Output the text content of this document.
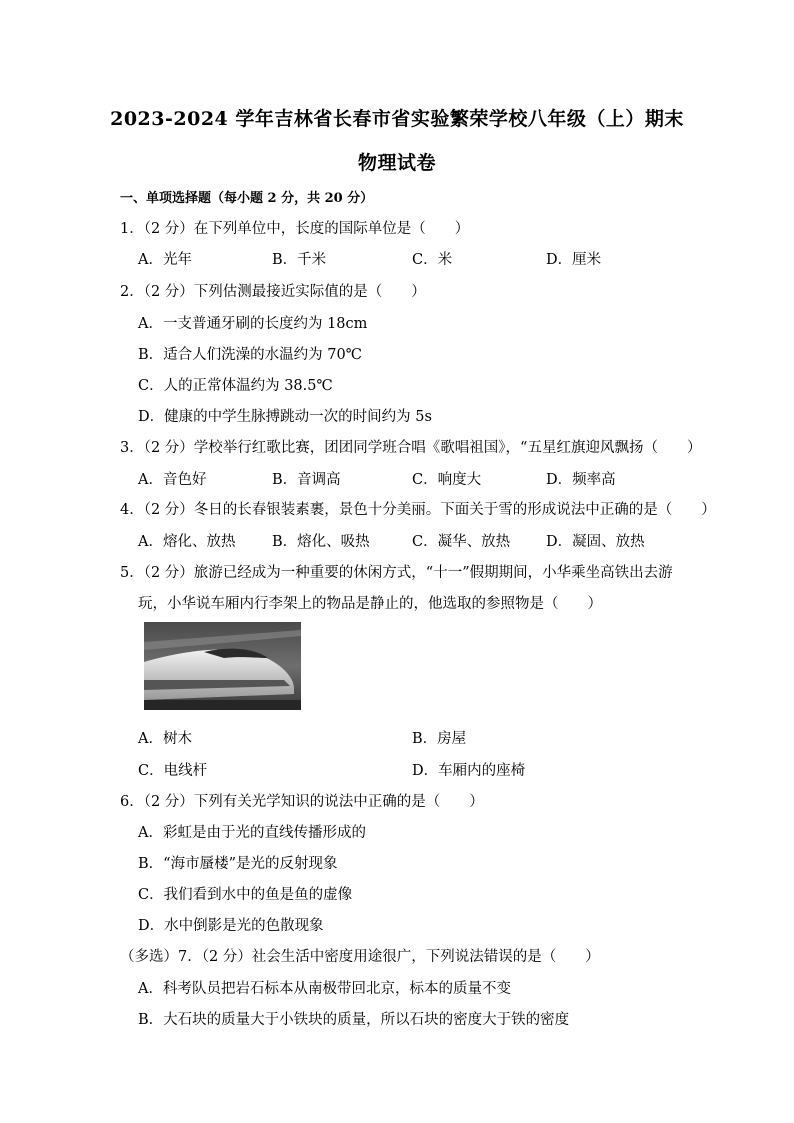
2023-2024 学年吉林省长春市省实验繁荣学校八年级（上）期末
物理试卷
一、单项选择题（每小题 2 分，共 20 分）
1．（2 分）在下列单位中，长度的国际单位是（　　）
A．光年	B．千米	C．米	D．厘米
2．（2 分）下列估测最接近实际值的是（　　）
A．一支普通牙刷的长度约为 18cm
B．适合人们洗澡的水温约为 70℃
C．人的正常体温约为 38.5℃
D．健康的中学生脉搏跳动一次的时间约为 5s
3．（2 分）学校举行红歌比赛，团团同学班合唱《歌唱祖国》，“五星红旗迎风飘扬（　　）
A．音色好	B．音调高	C．响度大	D．频率高
4．（2 分）冬日的长春银装素裹，景色十分美丽。下面关于雪的形成说法中正确的是（　　）
A．熔化、放热	B．熔化、吸热	C．凝华、放热 D．凝固、放热
5．（2 分）旅游已经成为一种重要的休闲方式，“十一”假期期间，小华乘坐高铁出去游
玩，小华说车厢内行李架上的物品是静止的，他选取的参照物是（　　）
A．树木	B．房屋
C．电线杆	D．车厢内的座椅
6．（2 分）下列有关光学知识的说法中正确的是（　　）
A．彩虹是由于光的直线传播形成的
B．“海市蜃楼”是光的反射现象
C．我们看到水中的鱼是鱼的虚像
D．水中倒影是光的色散现象
（多选）7．（2 分）社会生活中密度用途很广，下列说法错误的是（　　）
A．科考队员把岩石标本从南极带回北京，标本的质量不变
B．大石块的质量大于小铁块的质量，所以石块的密度大于铁的密度
